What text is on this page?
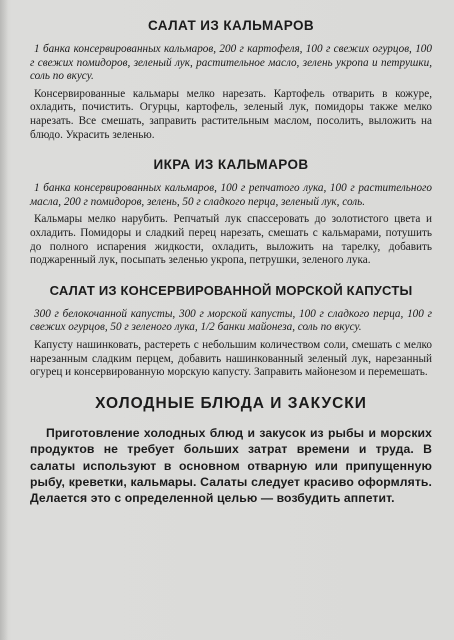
САЛАТ ИЗ КАЛЬМАРОВ

1 банка консервированных кальмаров, 200 г картофеля, 100 г свежих огурцов, 100 г свежих помидоров, зеленый лук, растительное масло, зелень укропа и петрушки, соль по вкусу.

Консервированные кальмары мелко нарезать. Картофель отварить в кожуре, охладить, почистить. Огурцы, картофель, зеленый лук, помидоры также мелко нарезать. Все смешать, заправить растительным маслом, посолить, выложить на блюдо. Украсить зеленью.

ИКРА ИЗ КАЛЬМАРОВ

1 банка консервированных кальмаров, 100 г репчатого лука, 100 г растительного масла, 200 г помидоров, зелень, 50 г сладкого перца, зеленый лук, соль.

Кальмары мелко нарубить. Репчатый лук спассеровать до золотистого цвета и охладить. Помидоры и сладкий перец нарезать, смешать с кальмарами, потушить до полного испарения жидкости, охладить, выложить на тарелку, добавить поджаренный лук, посыпать зеленью укропа, петрушки, зеленого лука.

САЛАТ ИЗ КОНСЕРВИРОВАННОЙ МОРСКОЙ КАПУСТЫ

300 г белокочанной капусты, 300 г морской капусты, 100 г сладкого перца, 100 г свежих огурцов, 50 г зеленого лука, 1/2 банки майонеза, соль по вкусу.

Капусту нашинковать, растереть с небольшим количеством соли, смешать с мелко нарезанным сладким перцем, добавить нашинкованный зеленый лук, нарезанный огурец и консервированную морскую капусту. Заправить майонезом и перемешать.

ХОЛОДНЫЕ БЛЮДА И ЗАКУСКИ

Приготовление холодных блюд и закусок из рыбы и морских продуктов не требует больших затрат времени и труда. В салаты используют в основном отварную или припущенную рыбу, креветки, кальмары. Салаты следует красиво оформлять. Делается это с определенной целью — возбудить аппетит.
